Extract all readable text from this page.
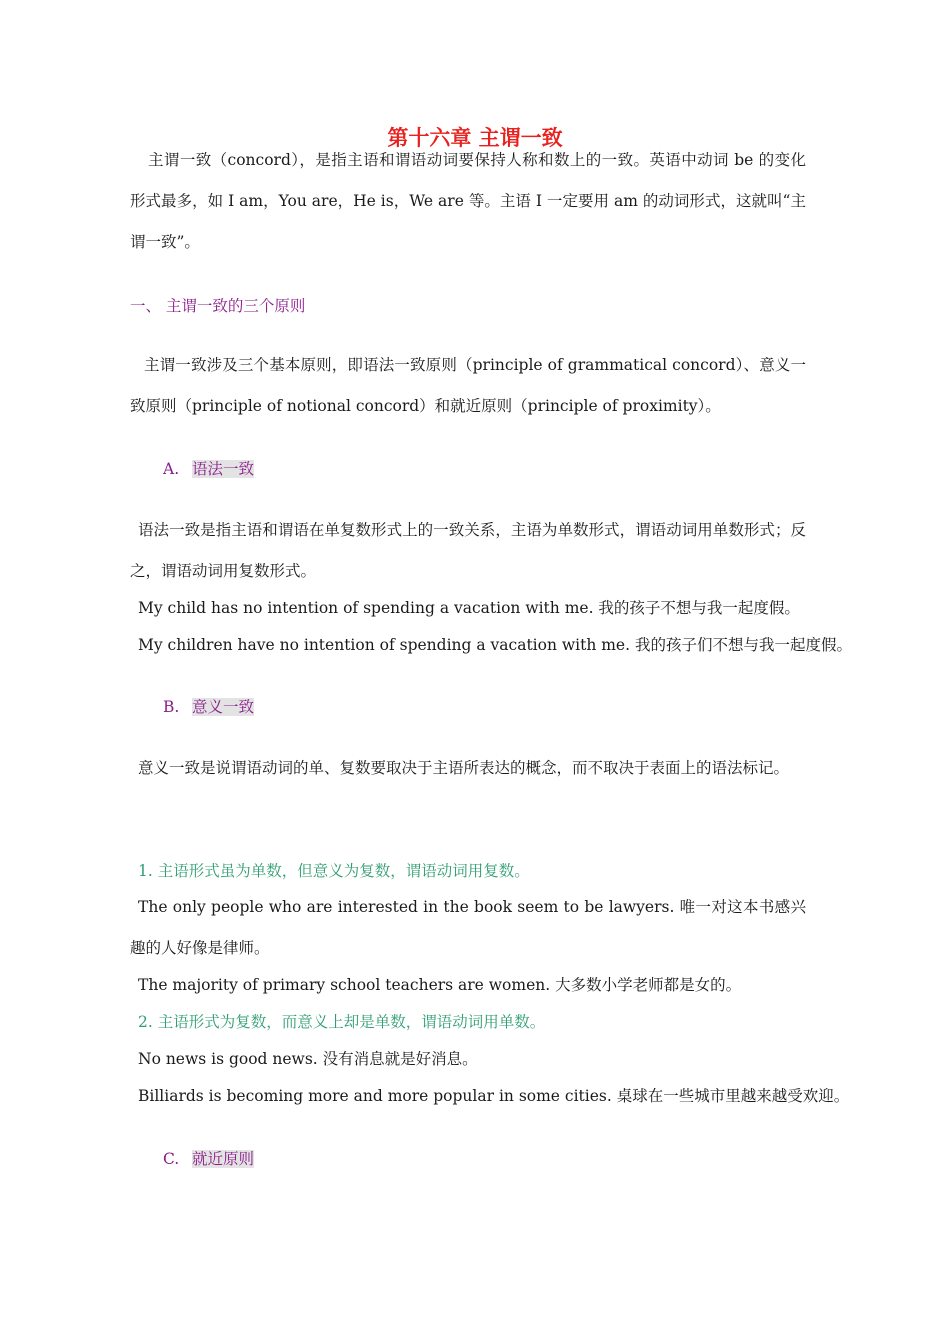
第十六章 主谓一致

主谓一致（concord），是指主语和谓语动词要保持人称和数上的一致。英语中动词 be 的变化形式最多，如 I am，You are，He is，We are 等。主语 I 一定要用 am 的动词形式，这就叫“主谓一致”。

一、 主谓一致的三个原则

主谓一致涉及三个基本原则，即语法一致原则（principle of grammatical concord）、意义一致原则（principle of notional concord）和就近原则（principle of proximity）。

A. 语法一致

语法一致是指主语和谓语在单复数形式上的一致关系，主语为单数形式，谓语动词用单数形式；反之，谓语动词用复数形式。

My child has no intention of spending a vacation with me. 我的孩子不想与我一起度假。
My children have no intention of spending a vacation with me. 我的孩子们不想与我一起度假。
B. 意义一致

意义一致是说谓语动词的单、复数要取决于主语所表达的概念，而不取决于表面上的语法标记。

1. 主语形式虽为单数，但意义为复数，谓语动词用复数。

The only people who are interested in the book seem to be lawyers. 唯一对这本书感兴趣的人好像是律师。

The majority of primary school teachers are women. 大多数小学老师都是女的。
2. 主语形式为复数，而意义上却是单数，谓语动词用单数。
No news is good news. 没有消息就是好消息。
Billiards is becoming more and more popular in some cities. 桌球在一些城市里越来越受欢迎。
C. 就近原则
